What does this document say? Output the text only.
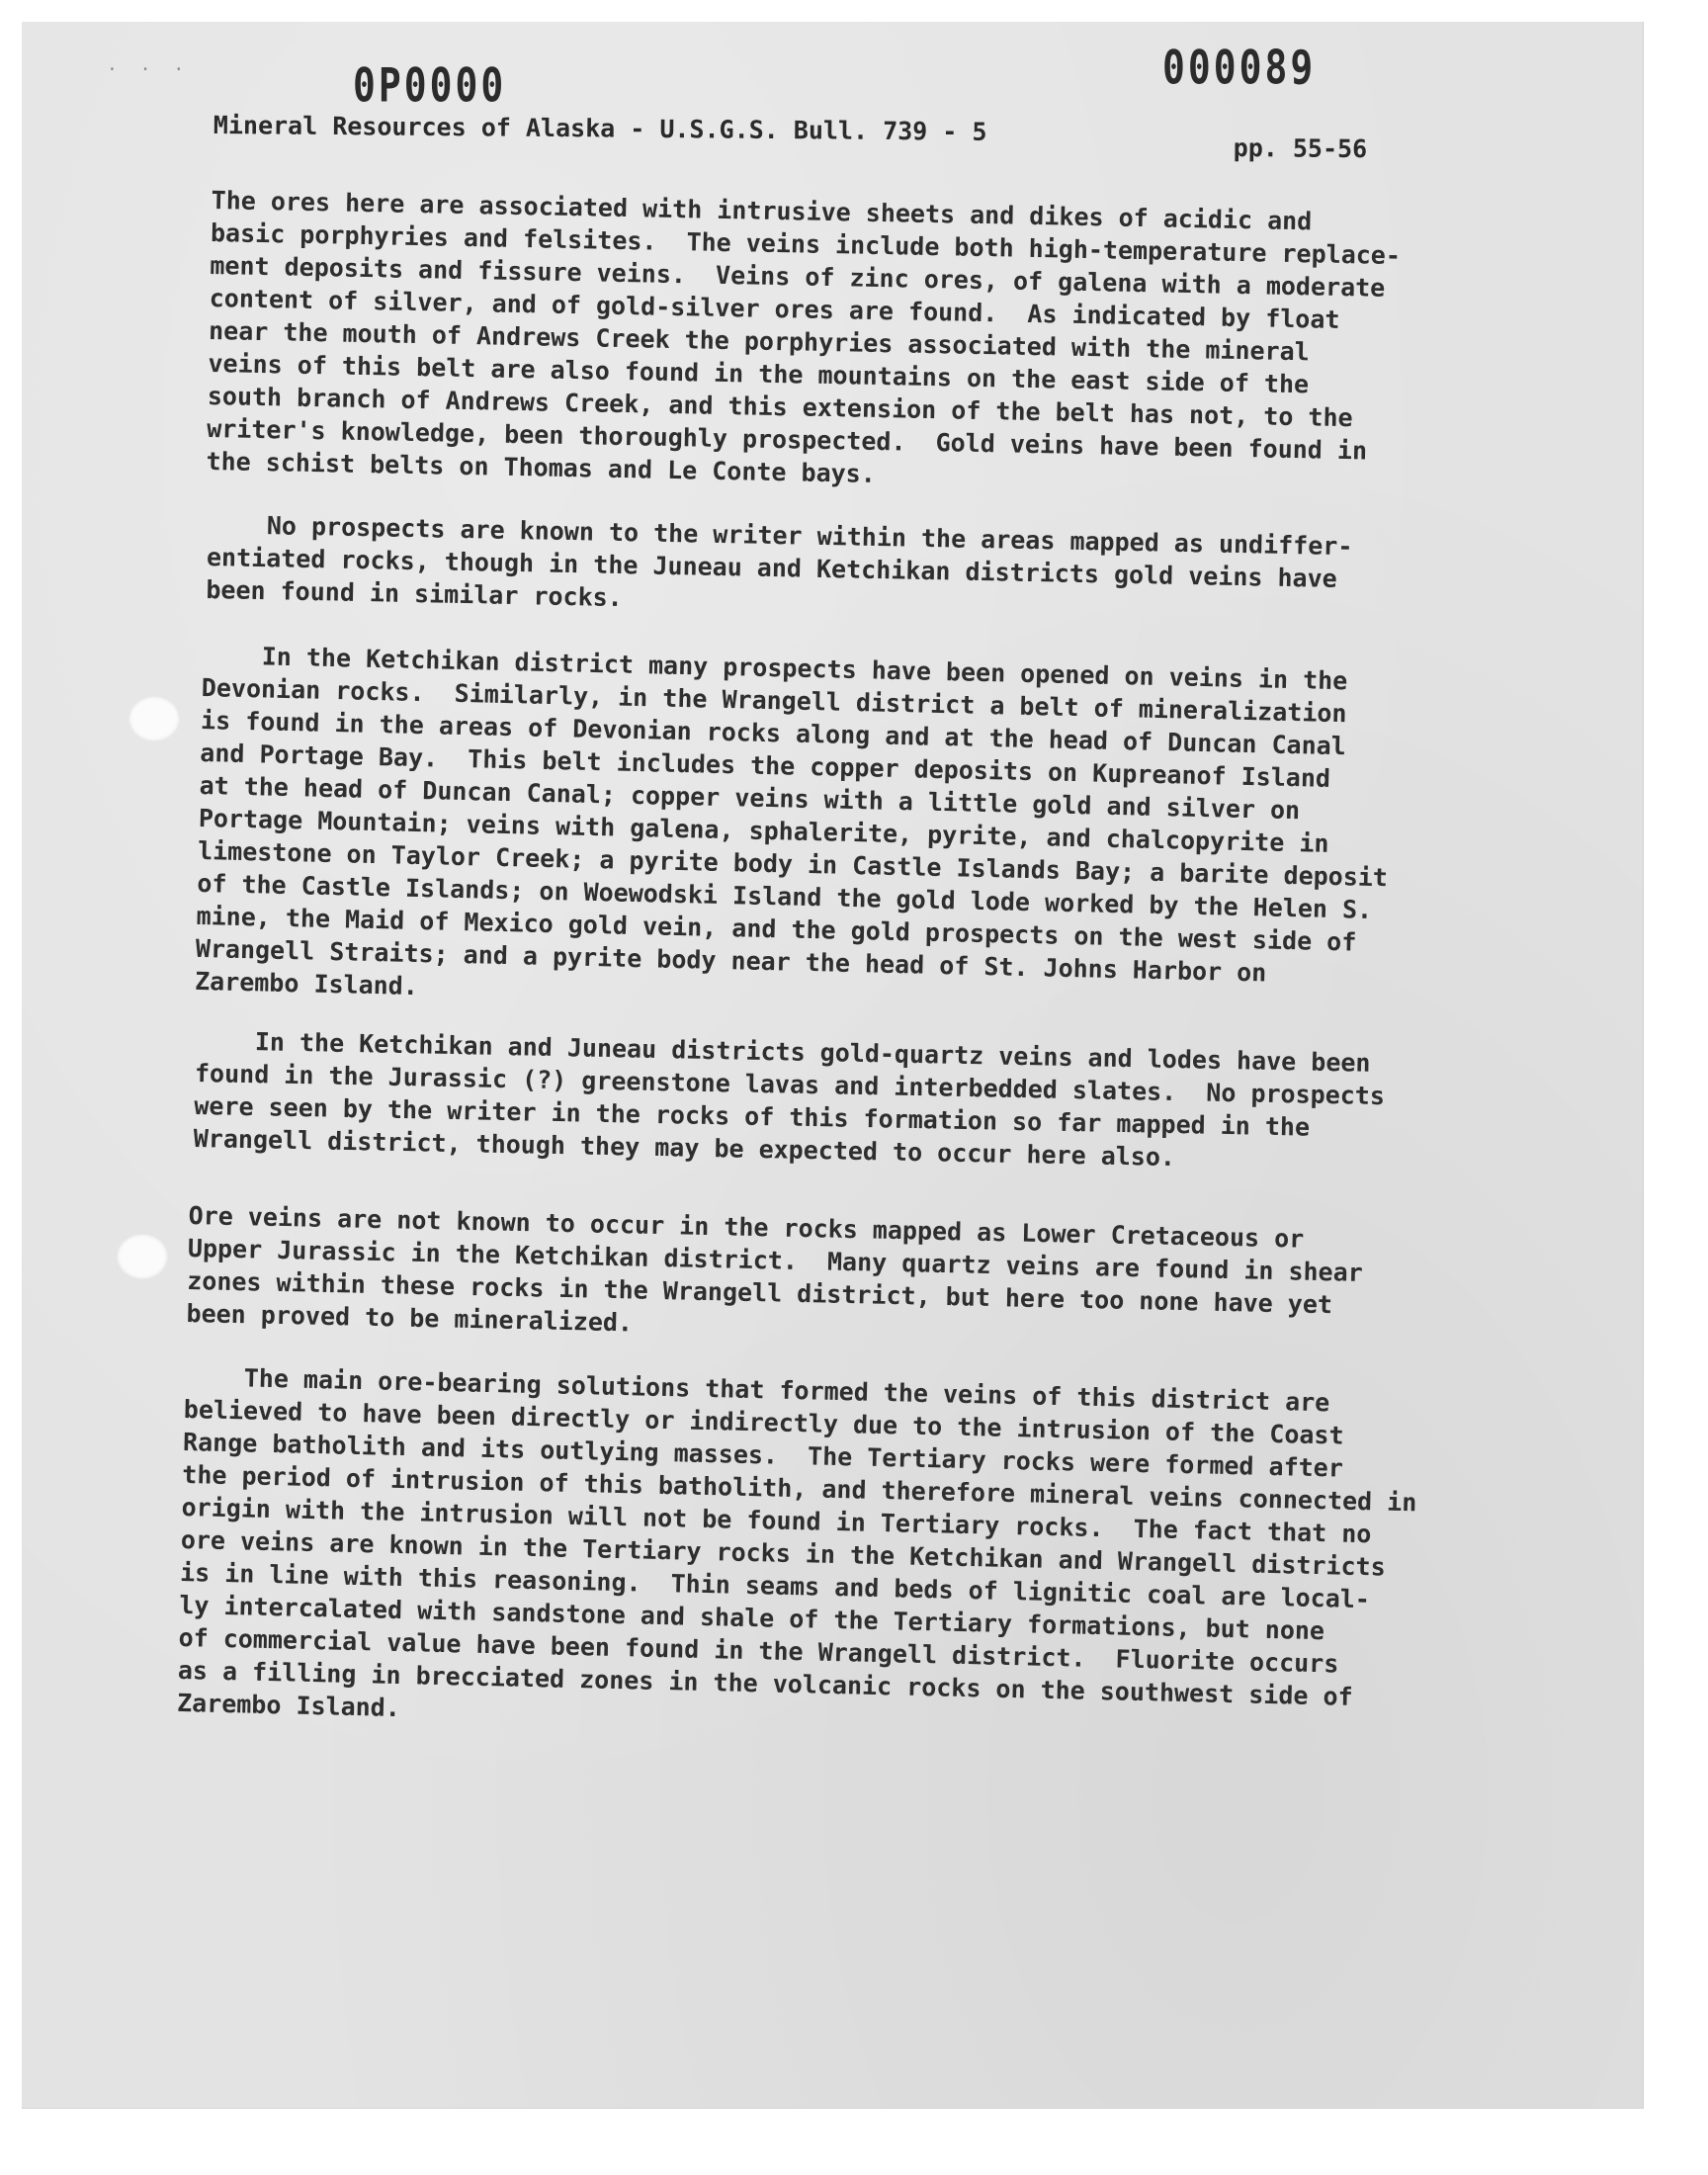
· · ·	0P0000	000089
Mineral Resources of Alaska - U.S.G.S. Bull. 739 - 5
pp. 55-56
The ores here are associated with intrusive sheets and dikes of acidic and
basic porphyries and felsites.  The veins include both high-temperature replace-
ment deposits and fissure veins.  Veins of zinc ores, of galena with a moderate
content of silver, and of gold-silver ores are found.  As indicated by float
near the mouth of Andrews Creek the porphyries associated with the mineral
veins of this belt are also found in the mountains on the east side of the
south branch of Andrews Creek, and this extension of the belt has not, to the
writer's knowledge, been thoroughly prospected.  Gold veins have been found in
the schist belts on Thomas and Le Conte bays.
No prospects are known to the writer within the areas mapped as undiffer-
entiated rocks, though in the Juneau and Ketchikan districts gold veins have
been found in similar rocks.
In the Ketchikan district many prospects have been opened on veins in the
Devonian rocks.  Similarly, in the Wrangell district a belt of mineralization
is found in the areas of Devonian rocks along and at the head of Duncan Canal
and Portage Bay.  This belt includes the copper deposits on Kupreanof Island
at the head of Duncan Canal; copper veins with a little gold and silver on
Portage Mountain; veins with galena, sphalerite, pyrite, and chalcopyrite in
limestone on Taylor Creek; a pyrite body in Castle Islands Bay; a barite deposit
of the Castle Islands; on Woewodski Island the gold lode worked by the Helen S.
mine, the Maid of Mexico gold vein, and the gold prospects on the west side of
Wrangell Straits; and a pyrite body near the head of St. Johns Harbor on
Zarembo Island.
In the Ketchikan and Juneau districts gold-quartz veins and lodes have been
found in the Jurassic (?) greenstone lavas and interbedded slates.  No prospects
were seen by the writer in the rocks of this formation so far mapped in the
Wrangell district, though they may be expected to occur here also.
Ore veins are not known to occur in the rocks mapped as Lower Cretaceous or
Upper Jurassic in the Ketchikan district.  Many quartz veins are found in shear
zones within these rocks in the Wrangell district, but here too none have yet
been proved to be mineralized.
The main ore-bearing solutions that formed the veins of this district are
believed to have been directly or indirectly due to the intrusion of the Coast
Range batholith and its outlying masses.  The Tertiary rocks were formed after
the period of intrusion of this batholith, and therefore mineral veins connected in
origin with the intrusion will not be found in Tertiary rocks.  The fact that no
ore veins are known in the Tertiary rocks in the Ketchikan and Wrangell districts
is in line with this reasoning.  Thin seams and beds of lignitic coal are local-
ly intercalated with sandstone and shale of the Tertiary formations, but none
of commercial value have been found in the Wrangell district.  Fluorite occurs
as a filling in brecciated zones in the volcanic rocks on the southwest side of
Zarembo Island.
